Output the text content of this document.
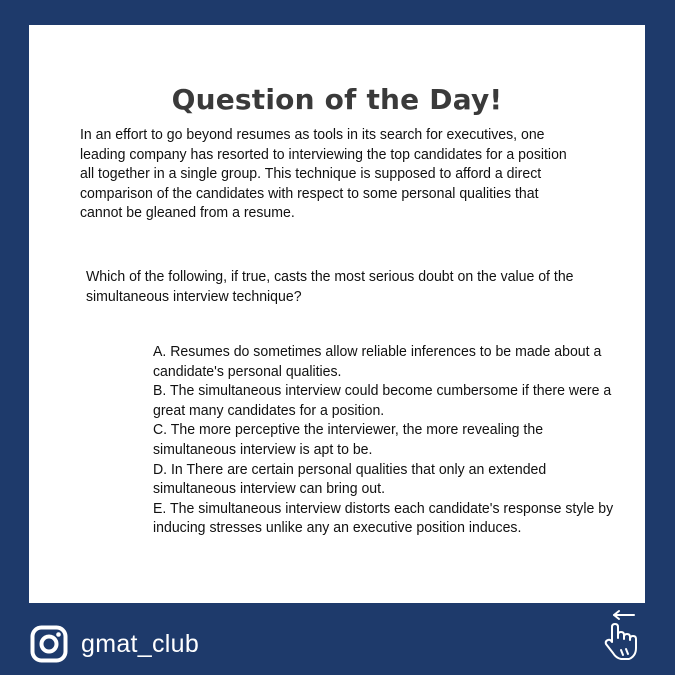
Question of the Day!
In an effort to go beyond resumes as tools in its search for executives, one leading company has resorted to interviewing the top candidates for a position all together in a single group. This technique is supposed to afford a direct comparison of the candidates with respect to some personal qualities that cannot be gleaned from a resume.
Which of the following, if true, casts the most serious doubt on the value of the simultaneous interview technique?
A. Resumes do sometimes allow reliable inferences to be made about a candidate's personal qualities.
B. The simultaneous interview could become cumbersome if there were a great many candidates for a position.
C. The more perceptive the interviewer, the more revealing the simultaneous interview is apt to be.
D. In There are certain personal qualities that only an extended simultaneous interview can bring out.
E. The simultaneous interview distorts each candidate's response style by inducing stresses unlike any an executive position induces.
gmat_club
